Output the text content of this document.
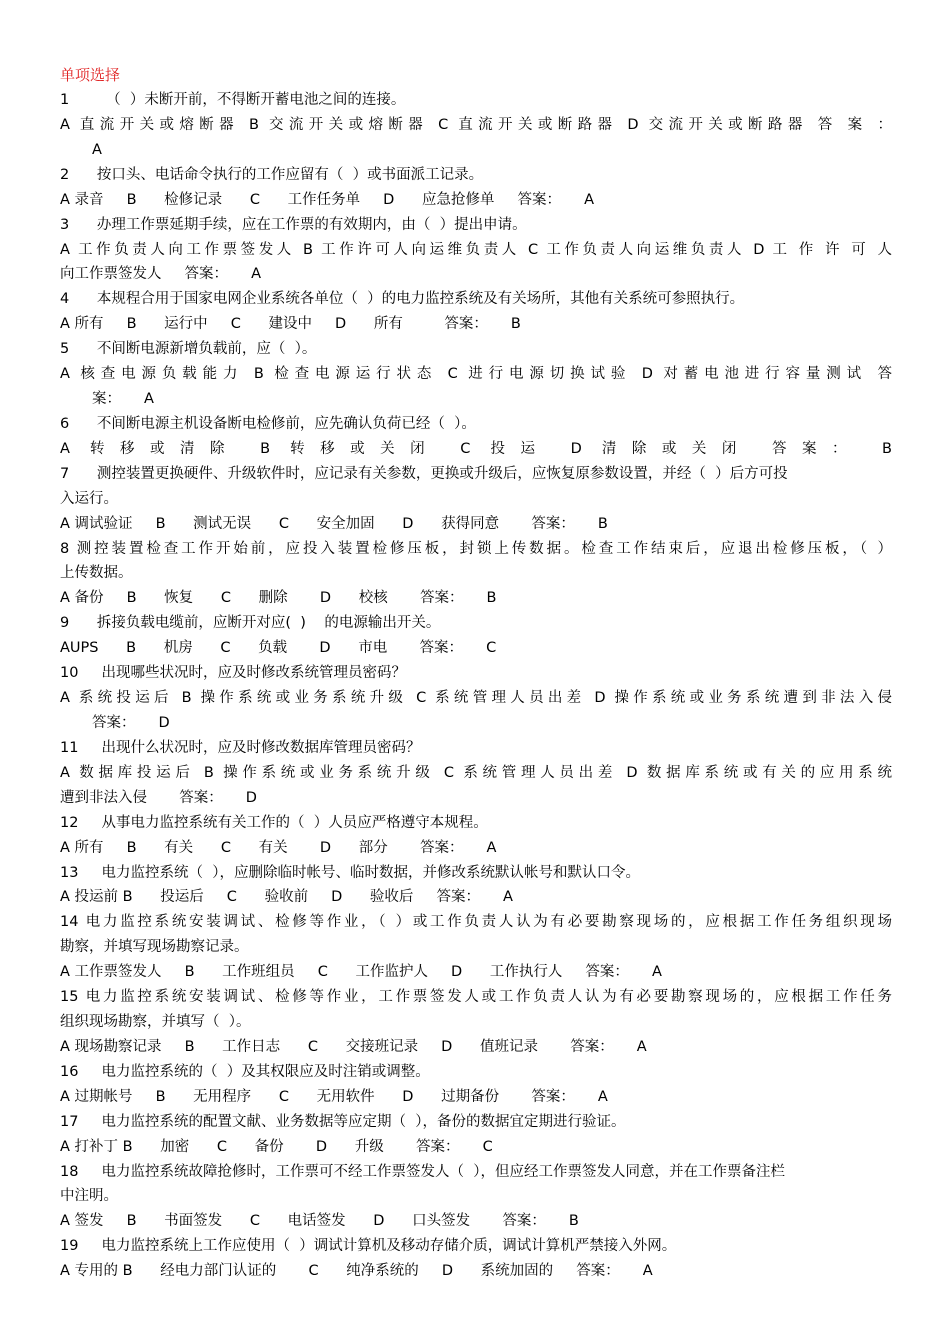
单项选择
1        （  ）未断开前，不得断开蓄电池之间的连接。
A 直流开关或熔断器 B 交流开关或熔断器 C 直流开关或断路器 D 交流开关或断路器 答 案 ：
A
2      按口头、电话命令执行的工作应留有（  ）或书面派工记录。
A 录音     B      检修记录      C      工作任务单     D      应急抢修单     答案：     A
3      办理工作票延期手续，应在工作票的有效期内，由（  ）提出申请。
A 工作负责人向工作票签发人 B 工作许可人向运维负责人 C 工作负责人向运维负责人 D 工 作 许 可 人
向工作票签发人     答案：     A
4      本规程合用于国家电网企业系统各单位（  ）的电力监控系统及有关场所，其他有关系统可参照执行。
A 所有     B      运行中     C      建设中     D      所有         答案：     B
5      不间断电源新增负载前，应（  ）。
A 核查电源负载能力 B 检查电源运行状态 C 进行电源切换试验 D 对蓄电池进行容量测试 答
案：     A
6      不间断电源主机设备断电检修前，应先确认负荷已经（  ）。
A 转移或清除 B 转移或关闭 C 投运 D 清除或关闭 答案： B
7      测控装置更换硬件、升级软件时，应记录有关参数，更换或升级后，应恢复原参数设置，并经（  ）后方可投
入运行。
A 调试验证     B      测试无误      C      安全加固      D      获得同意       答案：     B
8 测控装置检查工作开始前，应投入装置检修压板，封锁上传数据。检查工作结束后，应退出检修压板，（ ）
上传数据。
A 备份     B      恢复      C      删除       D      校核       答案：     B
9      拆接负载电缆前，应断开对应(  )    的电源输出开关。
AUPS      B      机房      C      负载       D      市电       答案：     C
10     出现哪些状况时，应及时修改系统管理员密码？
A 系统投运后 B 操作系统或业务系统升级 C 系统管理人员出差 D 操作系统或业务系统遭到非法入侵
答案：     D
11     出现什么状况时，应及时修改数据库管理员密码？
A 数据库投运后 B 操作系统或业务系统升级 C 系统管理人员出差 D 数据库系统或有关的应用系统
遭到非法入侵       答案：     D
12     从事电力监控系统有关工作的（  ）人员应严格遵守本规程。
A 所有     B      有关      C      有关       D      部分       答案：     A
13     电力监控系统（  ），应删除临时帐号、临时数据，并修改系统默认帐号和默认口令。
A 投运前 B      投运后     C      验收前     D      验收后     答案：     A
14 电力监控系统安装调试、检修等作业，（ ）或工作负责人认为有必要勘察现场的，应根据工作任务组织现场
勘察，并填写现场勘察记录。
A 工作票签发人     B      工作班组员     C      工作监护人     D      工作执行人     答案：     A
15 电力监控系统安装调试、检修等作业，工作票签发人或工作负责人认为有必要勘察现场的，应根据工作任务
组织现场勘察，并填写（  ）。
A 现场勘察记录     B      工作日志      C      交接班记录     D      值班记录       答案：     A
16     电力监控系统的（  ）及其权限应及时注销或调整。
A 过期帐号     B      无用程序      C      无用软件      D      过期备份       答案：     A
17     电力监控系统的配置文献、业务数据等应定期（  ），备份的数据宜定期进行验证。
A 打补丁 B      加密      C      备份       D      升级       答案：     C
18     电力监控系统故障抢修时，工作票可不经工作票签发人（  ），但应经工作票签发人同意，并在工作票备注栏
中注明。
A 签发     B      书面签发      C      电话签发      D      口头签发       答案：     B
19     电力监控系统上工作应使用（  ）调试计算机及移动存储介质，调试计算机严禁接入外网。
A 专用的 B      经电力部门认证的       C      纯净系统的     D      系统加固的     答案：     A
